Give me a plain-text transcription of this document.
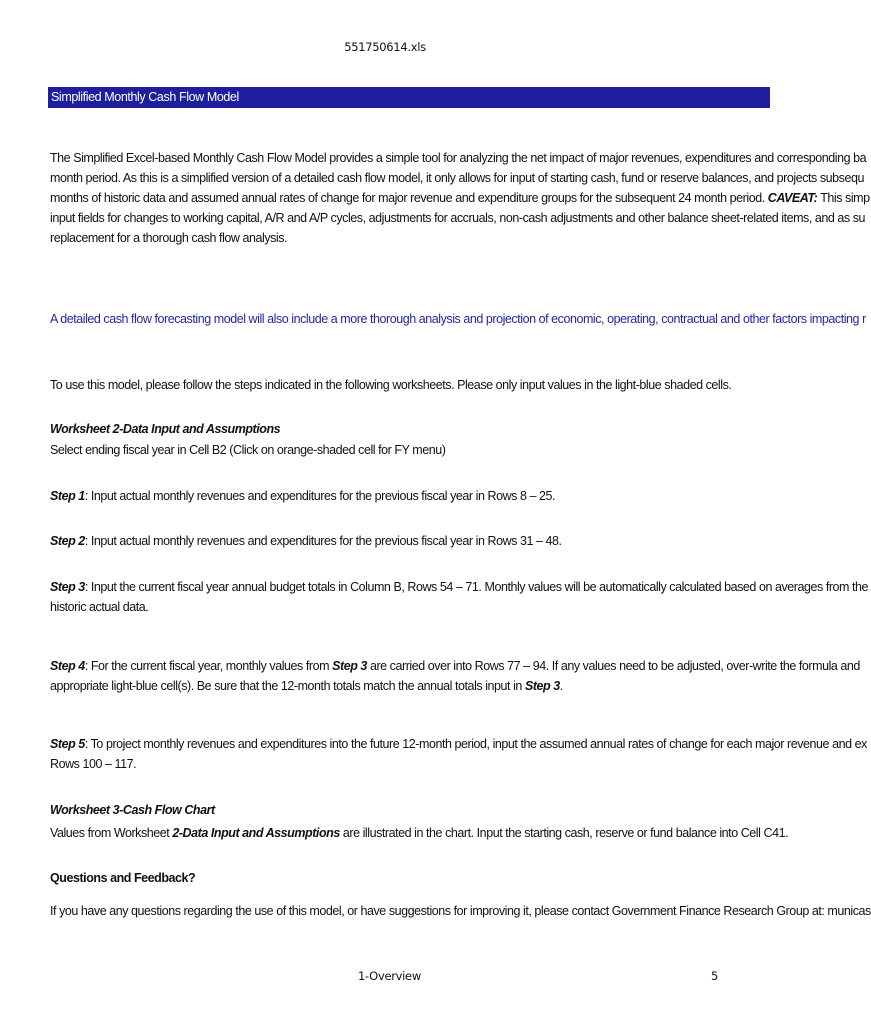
551750614.xls
Simplified Monthly Cash Flow Model
The Simplified Excel-based Monthly Cash Flow Model provides a simple tool for analyzing the net impact of major revenues, expenditures and corresponding ba
month period. As this is a simplified version of a detailed cash flow model, it only allows for input of starting cash, fund or reserve balances, and projects subsequ
months of historic data and assumed annual rates of change for major revenue and expenditure groups for the subsequent 24 month period. CAVEAT: This simp
input fields for changes to working capital, A/R and A/P cycles, adjustments for accruals, non-cash adjustments and other balance sheet-related items, and as su
replacement for a thorough cash flow analysis.
A detailed cash flow forecasting model will also include a more thorough analysis and projection of economic, operating, contractual and other factors impacting r
To use this model, please follow the steps indicated in the following worksheets. Please only input values in the light-blue shaded cells.
Worksheet 2-Data Input and Assumptions
Select ending fiscal year in Cell B2 (Click on orange-shaded cell for FY menu)
Step 1: Input actual monthly revenues and expenditures for the previous fiscal year in Rows 8 – 25.
Step 2: Input actual monthly revenues and expenditures for the previous fiscal year in Rows 31 – 48.
Step 3: Input the current fiscal year annual budget totals in Column B, Rows 54 – 71. Monthly values will be automatically calculated based on averages from the
historic actual data.
Step 4: For the current fiscal year, monthly values from Step 3 are carried over into Rows 77 – 94. If any values need to be adjusted, over-write the formula and
appropriate light-blue cell(s). Be sure that the 12-month totals match the annual totals input in Step 3.
Step 5: To project monthly revenues and expenditures into the future 12-month period, input the assumed annual rates of change for each major revenue and ex
Rows 100 – 117.
Worksheet 3-Cash Flow Chart
Values from Worksheet 2-Data Input and Assumptions are illustrated in the chart. Input the starting cash, reserve or fund balance into Cell C41.
Questions and Feedback?
If you have any questions regarding the use of this model, or have suggestions for improving it, please contact Government Finance Research Group at: municas
1-Overview	5
